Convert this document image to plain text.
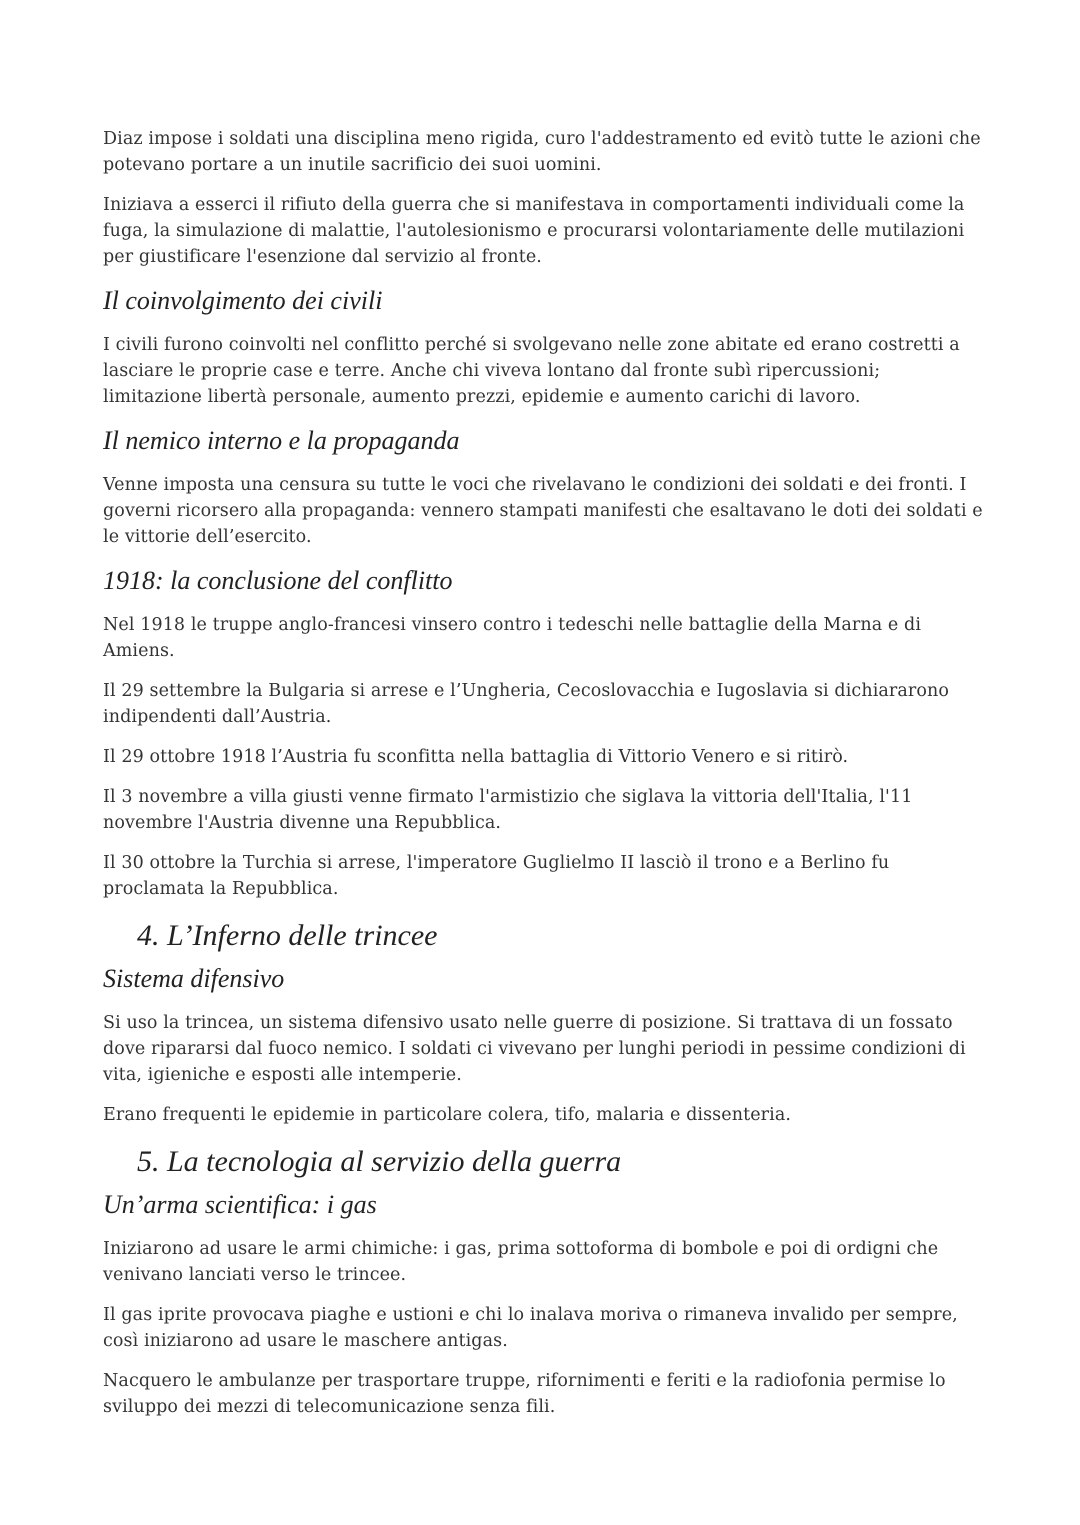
Diaz impose i soldati una disciplina meno rigida, curo l'addestramento ed evitò tutte le azioni che potevano portare a un inutile sacrificio dei suoi uomini.

Iniziava a esserci il rifiuto della guerra che si manifestava in comportamenti individuali come la fuga, la simulazione di malattie, l'autolesionismo e procurarsi volontariamente delle mutilazioni per giustificare l'esenzione dal servizio al fronte.

Il coinvolgimento dei civili

I civili furono coinvolti nel conflitto perché si svolgevano nelle zone abitate ed erano costretti a lasciare le proprie case e terre. Anche chi viveva lontano dal fronte subì ripercussioni; limitazione libertà personale, aumento prezzi, epidemie e aumento carichi di lavoro.

Il nemico interno e la propaganda

Venne imposta una censura su tutte le voci che rivelavano le condizioni dei soldati e dei fronti. I governi ricorsero alla propaganda: vennero stampati manifesti che esaltavano le doti dei soldati e le vittorie dell’esercito.

1918: la conclusione del conflitto

Nel 1918 le truppe anglo-francesi vinsero contro i tedeschi nelle battaglie della Marna e di Amiens.

Il 29 settembre la Bulgaria si arrese e l’Ungheria, Cecoslovacchia e Iugoslavia si dichiararono indipendenti dall’Austria.

Il 29 ottobre 1918 l’Austria fu sconfitta nella battaglia di Vittorio Venero e si ritirò.

Il 3 novembre a villa giusti venne firmato l'armistizio che siglava la vittoria dell'Italia, l'11 novembre l'Austria divenne una Repubblica.

Il 30 ottobre la Turchia si arrese, l'imperatore Guglielmo II lasciò il trono e a Berlino fu proclamata la Repubblica.

4. L’Inferno delle trincee
Sistema difensivo

Si uso la trincea, un sistema difensivo usato nelle guerre di posizione. Si trattava di un fossato dove ripararsi dal fuoco nemico. I soldati ci vivevano per lunghi periodi in pessime condizioni di vita, igieniche e esposti alle intemperie.

Erano frequenti le epidemie in particolare colera, tifo, malaria e dissenteria.

5. La tecnologia al servizio della guerra
Un’arma scientifica: i gas

Iniziarono ad usare le armi chimiche: i gas, prima sottoforma di bombole e poi di ordigni che venivano lanciati verso le trincee.

Il gas iprite provocava piaghe e ustioni e chi lo inalava moriva o rimaneva invalido per sempre, così iniziarono ad usare le maschere antigas.

Nacquero le ambulanze per trasportare truppe, rifornimenti e feriti e la radiofonia permise lo sviluppo dei mezzi di telecomunicazione senza fili.
